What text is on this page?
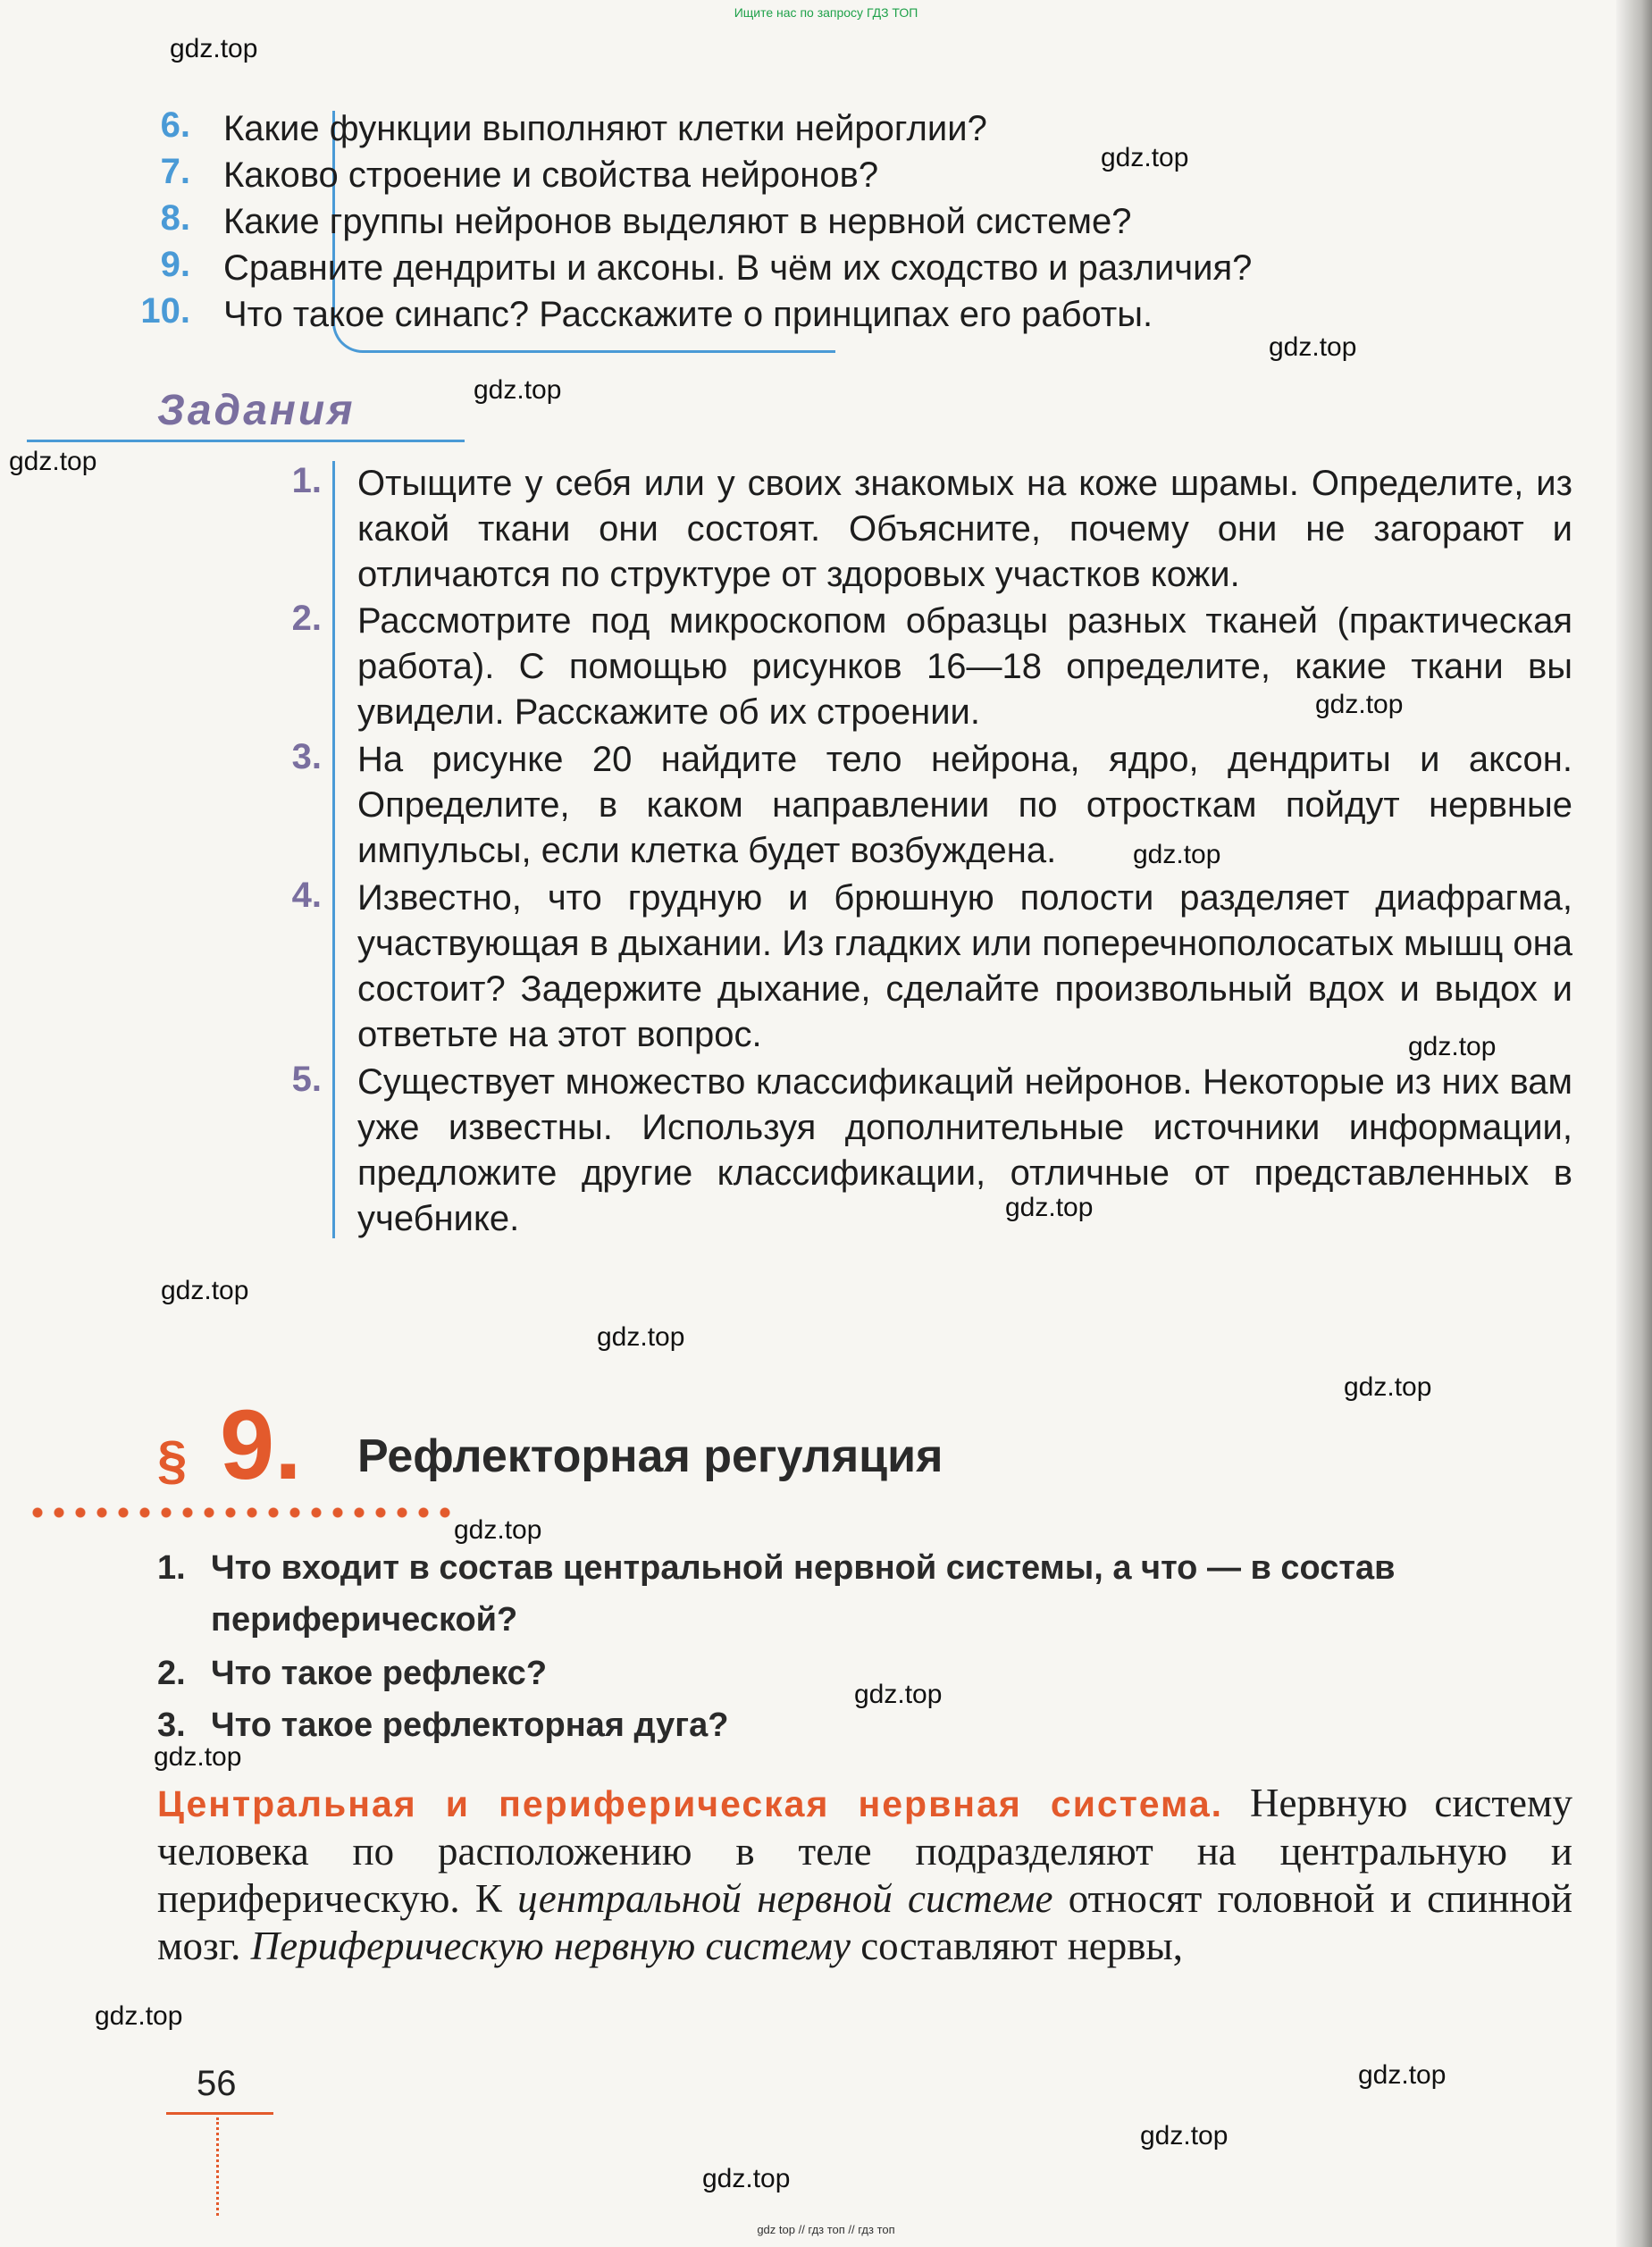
Ищите нас по запросу ГДЗ ТОП
gdz.top
gdz.top
gdz.top
gdz.top
gdz.top
gdz.top
gdz.top
gdz.top
gdz.top
gdz.top
gdz.top
gdz.top
gdz.top
gdz.top
gdz.top
gdz.top
gdz.top
gdz.top
gdz.top
6. Какие функции выполняют клетки нейроглии?
7. Каково строение и свойства нейронов?
8. Какие группы нейронов выделяют в нервной системе?
9. Сравните дендриты и аксоны. В чём их сходство и различия?
10. Что такое синапс? Расскажите о принципах его работы.
Задания
1. Отыщите у себя или у своих знакомых на коже шрамы. Определите, из какой ткани они состоят. Объясните, почему они не загорают и отличаются по структуре от здоровых участков кожи.
2. Рассмотрите под микроскопом образцы разных тканей (практическая работа). С помощью рисунков 16—18 определите, какие ткани вы увидели. Расскажите об их строении.
3. На рисунке 20 найдите тело нейрона, ядро, дендриты и аксон. Определите, в каком направлении по отросткам пойдут нервные импульсы, если клетка будет возбуждена.
4. Известно, что грудную и брюшную полости разделяет диафрагма, участвующая в дыхании. Из гладких или поперечнополосатых мышц она состоит? Задержите дыхание, сделайте произвольный вдох и выдох и ответьте на этот вопрос.
5. Существует множество классификаций нейронов. Некоторые из них вам уже известны. Используя дополнительные источники информации, предложите другие классификации, отличные от представленных в учебнике.
§ 9. Рефлекторная регуляция
1. Что входит в состав центральной нервной системы, а что — в состав периферической?
2. Что такое рефлекс?
3. Что такое рефлекторная дуга?
Центральная и периферическая нервная система. Нервную систему человека по расположению в теле подразделяют на центральную и периферическую. К центральной нервной системе относят головной и спинной мозг. Периферическую нервную систему составляют нервы,
56
gdz top // гдз топ // гдз топ
